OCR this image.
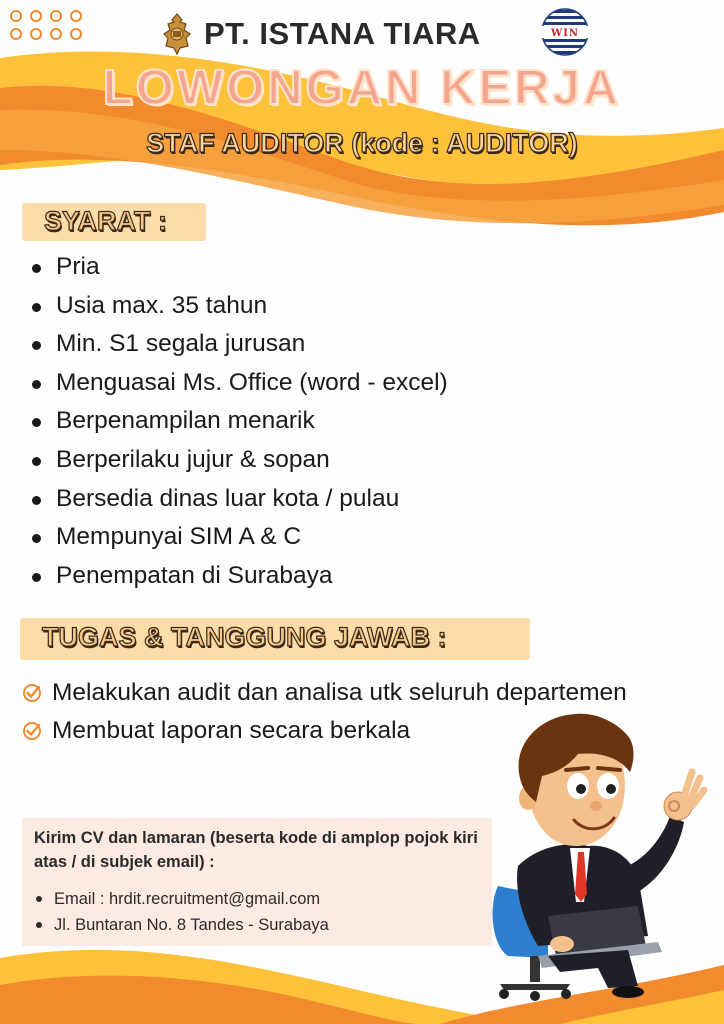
PT. ISTANA TIARA	WIN
LOWONGAN KERJA
STAF AUDITOR (kode : AUDITOR)
SYARAT :
Pria
Usia max. 35 tahun
Min. S1 segala jurusan
Menguasai Ms. Office (word - excel)
Berpenampilan menarik
Berperilaku jujur & sopan
Bersedia dinas luar kota / pulau
Mempunyai SIM A & C
Penempatan di Surabaya
TUGAS & TANGGUNG JAWAB :
Melakukan audit dan analisa utk seluruh departemen
Membuat laporan secara berkala
Kirim CV dan lamaran (beserta kode di amplop pojok kiri atas / di subjek email) :
Email : hrdit.recruitment@gmail.com
Jl. Buntaran No. 8 Tandes - Surabaya
